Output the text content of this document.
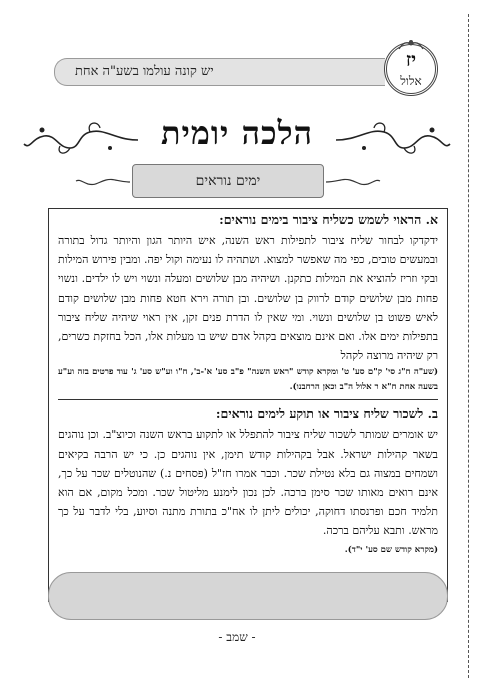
יש קונה עולמו בשע"ה אחת
יז
אלול
הלכה יומית
ימים נוראים
א. הראוי לשמש כשליח ציבור בימים נוראים:

ידקדקו לבחור שליח ציבור לתפילות ראש השנה, איש היותר הגון והיותר גדול בתורה ובמעשים טובים, כפי מה שאפשר למצוא. ושתהיה לו נעימה וקול יפה. ומבין פירוש המילות ובקי וזריז להוציא את המילות כתקנן. ושיהיה מבן שלושים ומעלה ונשוי ויש לו ילדים. ונשוי פחות מבן שלושים קודם לרווק בן שלושים. ובן תורה וירא חטא פחות מבן שלושים קודם לאיש פשוט בן שלושים ונשוי. ומי שאין לו הדרת פנים זקן, אין ראוי שיהיה שליח ציבור בתפילות ימים אלו. ואם אינם מוצאים בקהל אדם שיש בו מעלות אלו, הכל בחזקת כשרים, רק שיהיה מרוצה לקהל

(שע"ה ח"ג סי' ק"ם סע' ט' ומקרא קודש "ראש השנה" פ"ב סע' א'-ב', ח"ו וע"ש סע' ג' עוד פרטים בזה וע"ע בשעה אחת ח"א ר אלול ה"ב וכאן הרחבנו).

ב. לשכור שליח ציבור או תוקע לימים נוראים:

יש אומרים שמותר לשכור שליח ציבור להתפלל או לתקוע בראש השנה וכיוצ"ב. וכן נוהגים בשאר קהילות ישראל. אבל בקהילות קודש תימן, אין נוהגים כן. כי יש הרבה בקיאים ושמחים במצוה גם בלא נטילת שכר. וכבר אמרו חז"ל (פסחים נ.) שהנוטלים שכר על כך, אינם רואים מאותו שכר סימן ברכה. לכן נכון לימנע מליטול שכר. ומכל מקום, אם הוא תלמיד חכם ופרנסתו דחוקה, יכולים ליתן לו אח"כ בתורת מתנה וסיוע, בלי לדבר על כך מראש. ותבא עליהם ברכה.

(מקרא קודש שם סע' י"ד).

- שמב -
